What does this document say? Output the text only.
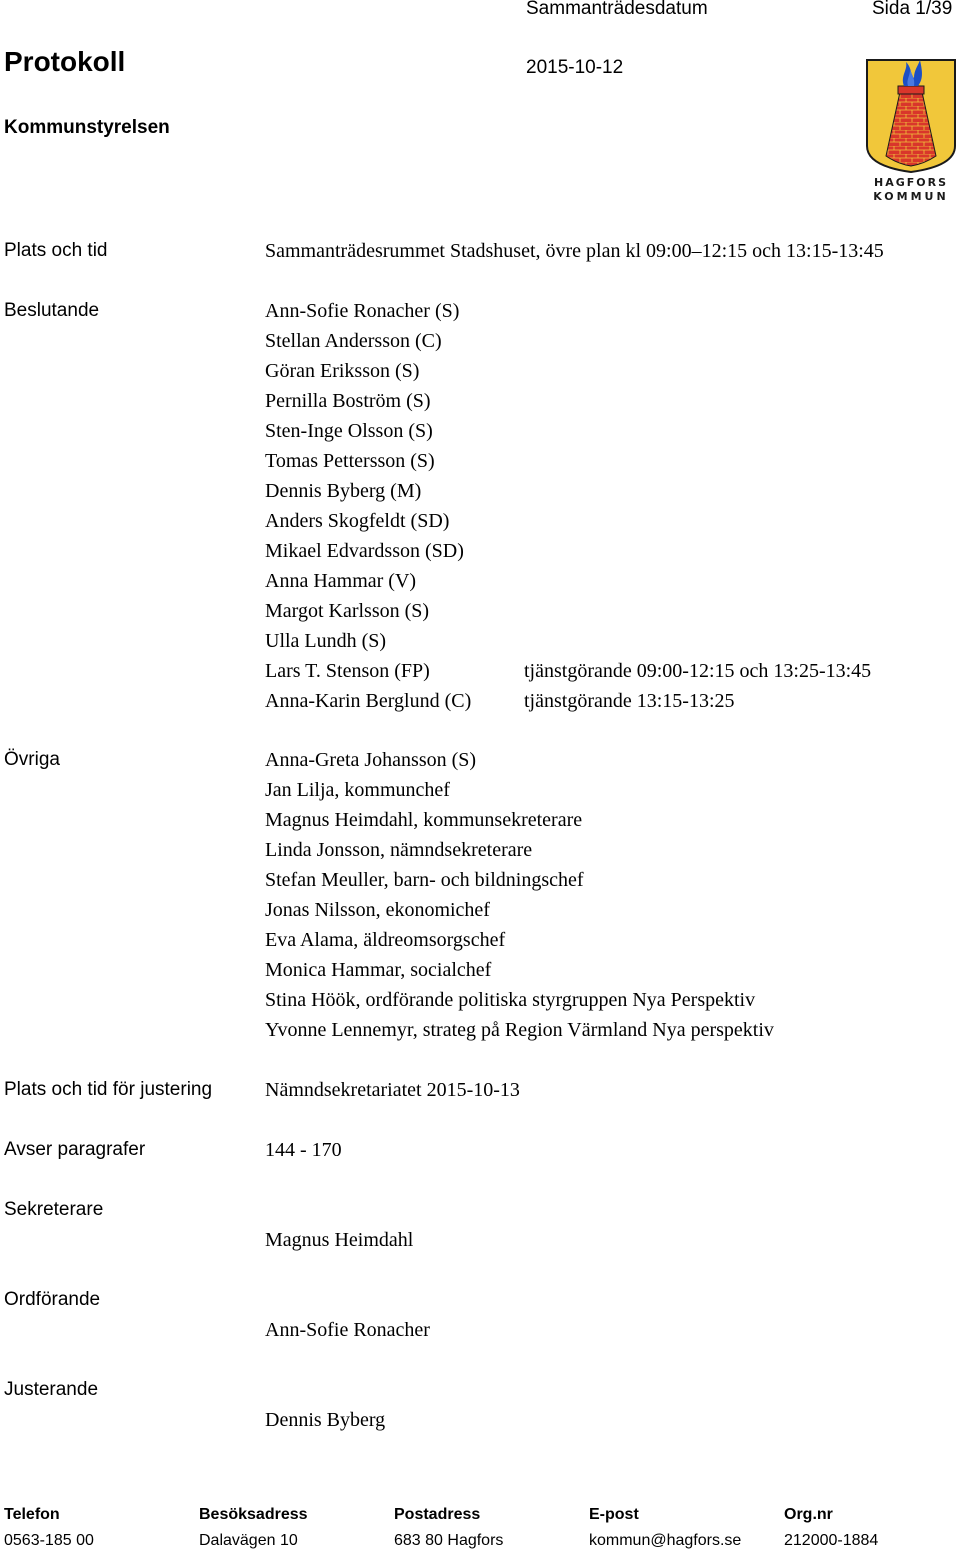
Sammanträdesdatum	Sida 1/39
Protokoll	2015-10-12
Kommunstyrelsen
HAGFORS
KOMMUN
Plats och tid	Sammanträdesrummet Stadshuset, övre plan kl 09:00–12:15 och 13:15-13:45
Beslutande	Ann-Sofie Ronacher (S)
Stellan Andersson (C)
Göran Eriksson (S)
Pernilla Boström (S)
Sten-Inge Olsson (S)
Tomas Pettersson (S)
Dennis Byberg (M)
Anders Skogfeldt (SD)
Mikael Edvardsson (SD)
Anna Hammar (V)
Margot Karlsson (S)
Ulla Lundh (S)
Lars T. Stenson (FP)	tjänstgörande 09:00-12:15 och 13:25-13:45
Anna-Karin Berglund (C)	tjänstgörande 13:15-13:25
Övriga	Anna-Greta Johansson (S)
Jan Lilja, kommunchef
Magnus Heimdahl, kommunsekreterare
Linda Jonsson, nämndsekreterare
Stefan Meuller, barn- och bildningschef
Jonas Nilsson, ekonomichef
Eva Alama, äldreomsorgschef
Monica Hammar, socialchef
Stina Höök, ordförande politiska styrgruppen Nya Perspektiv
Yvonne Lennemyr, strateg på Region Värmland Nya perspektiv
Plats och tid för justering	Nämndsekretariatet 2015-10-13
Avser paragrafer	144 - 170
Sekreterare
Magnus Heimdahl
Ordförande
Ann-Sofie Ronacher
Justerande
Dennis Byberg
Telefon	Besöksadress	Postadress	E-post	Org.nr
0563-185 00	Dalavägen 10	683 80 Hagfors	kommun@hagfors.se	212000-1884
